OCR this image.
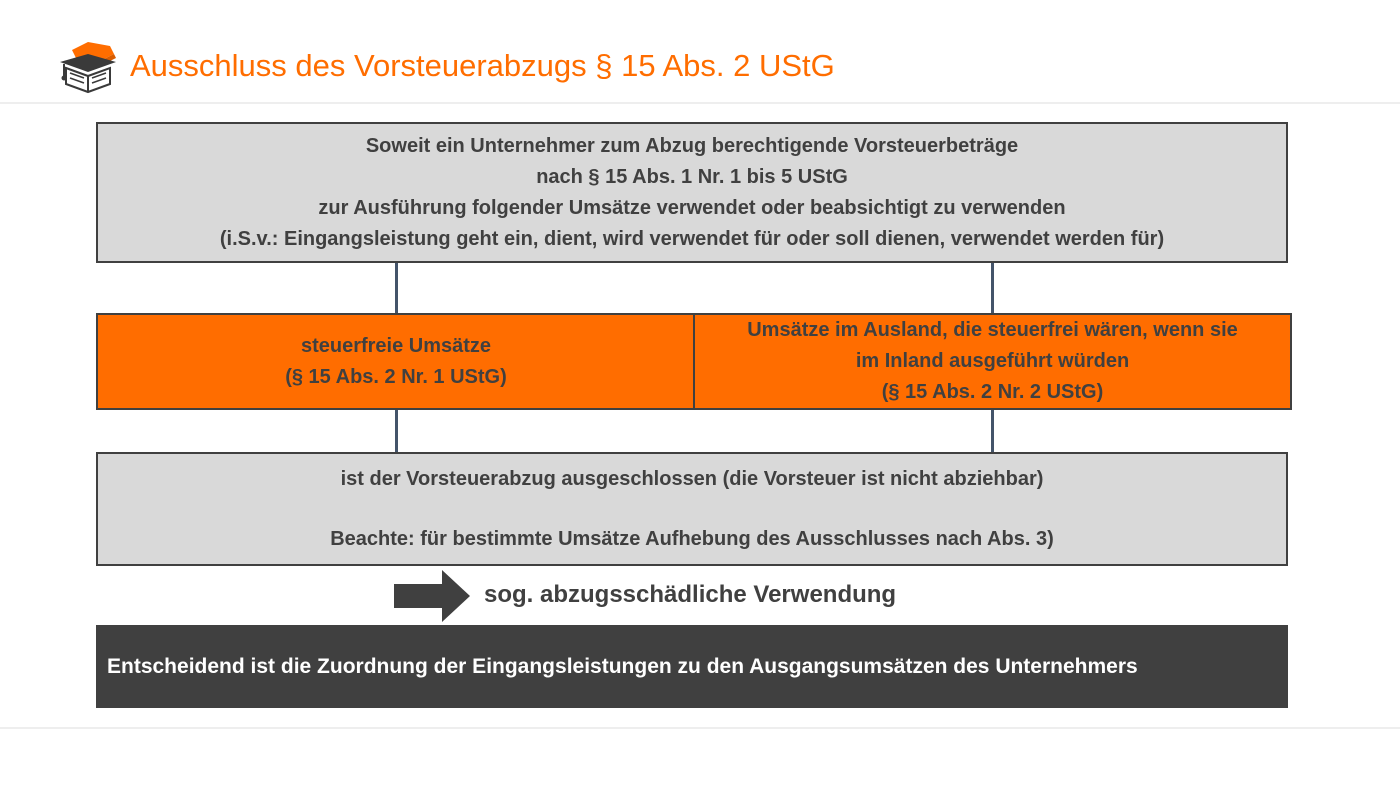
Ausschluss des Vorsteuerabzugs § 15 Abs. 2 UStG

Soweit ein Unternehmer zum Abzug berechtigende Vorsteuerbeträge

nach § 15 Abs. 1 Nr. 1 bis 5 UStG

zur Ausführung folgender Umsätze verwendet oder beabsichtigt zu verwenden

(i.S.v.: Eingangsleistung geht ein, dient, wird verwendet für oder soll dienen, verwendet werden für)

steuerfreie Umsätze

(§ 15 Abs. 2 Nr. 1 UStG)

Umsätze im Ausland, die steuerfrei wären, wenn sie

im Inland ausgeführt würden

(§ 15 Abs. 2 Nr. 2 UStG)

ist der Vorsteuerabzug ausgeschlossen (die Vorsteuer ist nicht abziehbar)

Beachte: für bestimmte Umsätze Aufhebung des Ausschlusses nach Abs. 3)

sog. abzugsschädliche Verwendung
Entscheidend ist die Zuordnung der Eingangsleistungen zu den Ausgangsumsätzen des Unternehmers
